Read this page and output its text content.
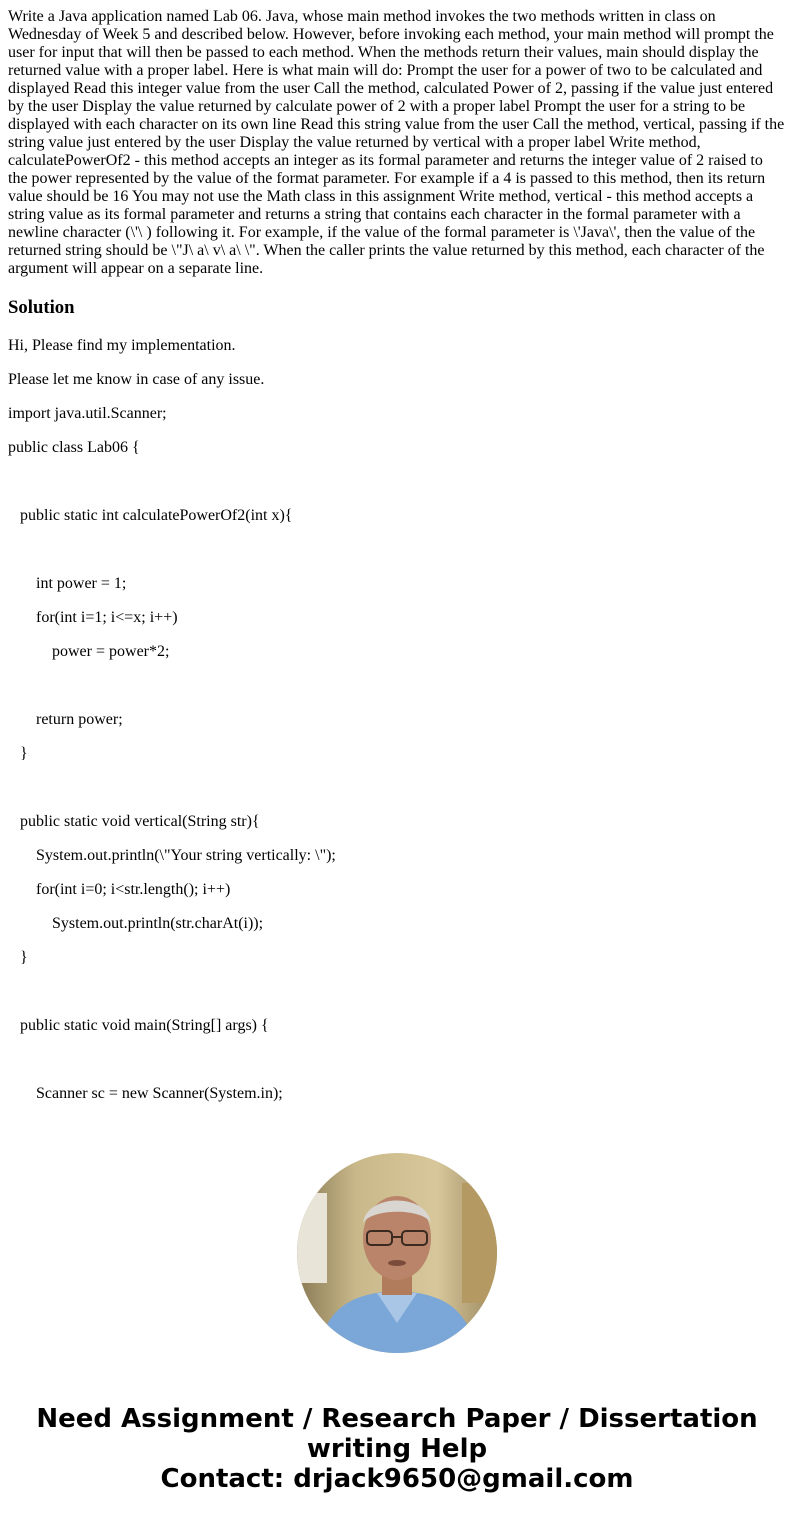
Write a Java application named Lab 06. Java, whose main method invokes the two methods written in class on Wednesday of Week 5 and described below. However, before invoking each method, your main method will prompt the user for input that will then be passed to each method. When the methods return their values, main should display the returned value with a proper label. Here is what main will do: Prompt the user for a power of two to be calculated and displayed Read this integer value from the user Call the method, calculated Power of 2, passing if the value just entered by the user Display the value returned by calculate power of 2 with a proper label Prompt the user for a string to be displayed with each character on its own line Read this string value from the user Call the method, vertical, passing if the string value just entered by the user Display the value returned by vertical with a proper label Write method, calculatePowerOf2 - this method accepts an integer as its formal parameter and returns the integer value of 2 raised to the power represented by the value of the format parameter. For example if a 4 is passed to this method, then its return value should be 16 You may not use the Math class in this assignment Write method, vertical - this method accepts a string value as its formal parameter and returns a string that contains each character in the formal parameter with a newline character (\'\ ) following it. For example, if the value of the formal parameter is \'Java\', then the value of the returned string should be \"J\ a\ v\ a\ \". When the caller prints the value returned by this method, each character of the argument will appear on a separate line.

Solution

Hi, Please find my implementation.

Please let me know in case of any issue.

import java.util.Scanner;

public class Lab06 {

public static int calculatePowerOf2(int x){

int power = 1;

for(int i=1; i<=x; i++)

power = power*2;

return power;

}

public static void vertical(String str){

System.out.println(\"Your string vertically: \");

for(int i=0; i<str.length(); i++)

System.out.println(str.charAt(i));

}

public static void main(String[] args) {

Scanner sc = new Scanner(System.in);

Need Assignment / Research Paper / Dissertation
writing Help
Contact: drjack9650@gmail.com
